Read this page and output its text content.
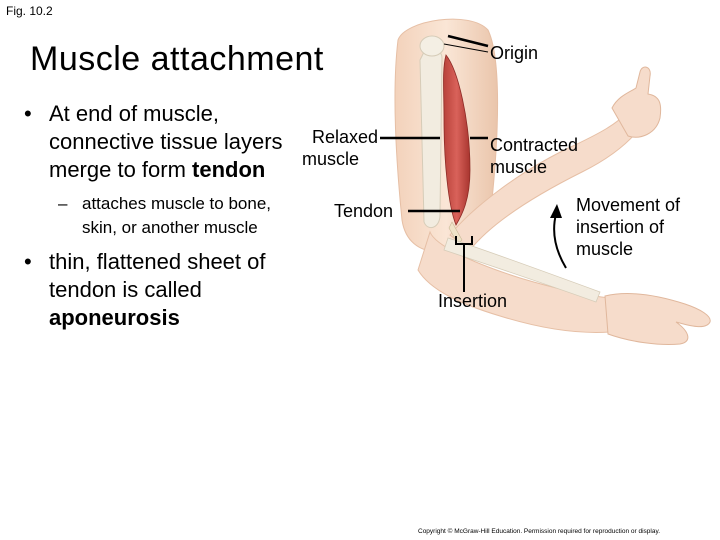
Fig. 10.2
Muscle attachment
• At end of muscle, connective tissue layers merge to form tendon
– attaches muscle to bone, skin, or another muscle
• thin, flattened sheet of tendon is called aponeurosis
Origin
Relaxed
muscle
Contracted
muscle
Tendon	Movement of
insertion of
muscle
Insertion
Copyright © McGraw-Hill Education. Permission required for reproduction or display.
